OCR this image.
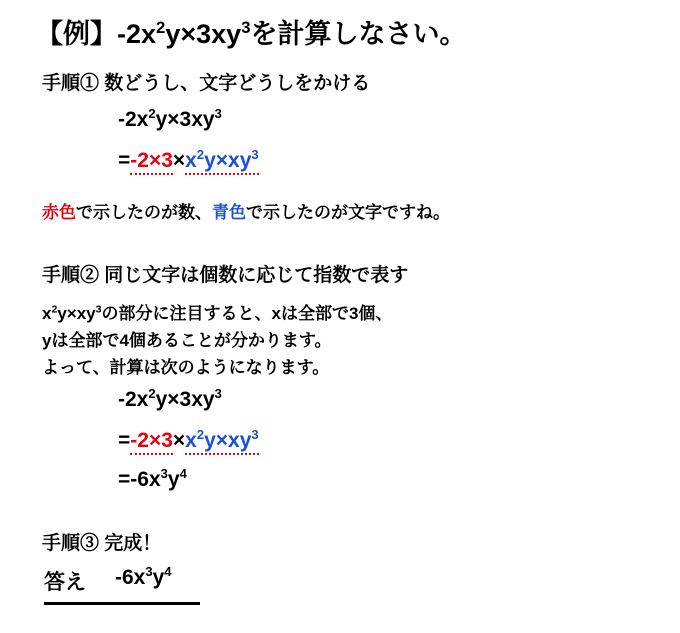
【例】$-2x^2y\times 3xy^3$を計算しなさい。
手順① 数どうし、文字どうしをかける
$-2x^2y\times 3xy^3$
$=-2\times 3\times x^2y\times xy^3$
赤色で示したのが数、青色で示したのが文字ですね。
手順② 同じ文字は個数に応じて指数で表す
$x^2y\times xy^3$の部分に注目すると、xは全部で3個、
yは全部で4個あることが分かります。
よって、計算は次のようになります。
$-2x^2y\times 3xy^3$
$=-2\times 3\times x^2y\times xy^3$
$=-6x^3y^4$
手順③ 完成！
答え $-6x^3y^4$
